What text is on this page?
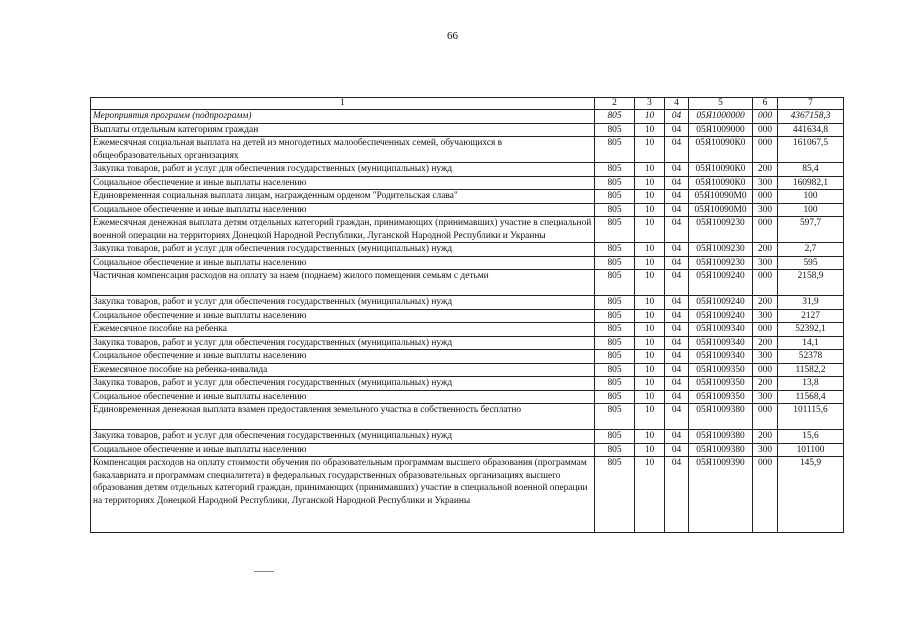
66
1	2	3	4	5	6	7
Мероприятия программ (подпрограмм)	805	10	04	05Я1000000	000	4367158,3
Выплаты отдельным категориям граждан	805	10	04	05Я1009000	000	441634,8
Ежемесячная социальная выплата на детей из многодетных малообеспеченных семей, обучающихся в общеобразовательных организациях	805	10	04	05Я10090К0	000	161067,5
Закупка товаров, работ и услуг для обеспечения государственных (муниципальных) нужд	805	10	04	05Я10090К0	200	85,4
Социальное обеспечение и иные выплаты населению	805	10	04	05Я10090К0	300	160982,1
Единовременная социальная выплата лицам, награжденным орденом "Родительская слава"	805	10	04	05Я10090М0	000	100
Социальное обеспечение и иные выплаты населению	805	10	04	05Я10090М0	300	100
Ежемесячная денежная выплата детям отдельных категорий граждан, принимающих (принимавших) участие в специальной военной операции на территориях Донецкой Народной Республики, Луганской Народной Республики и Украины	805	10	04	05Я1009230	000	597,7
Закупка товаров, работ и услуг для обеспечения государственных (муниципальных) нужд	805	10	04	05Я1009230	200	2,7
Социальное обеспечение и иные выплаты населению	805	10	04	05Я1009230	300	595
Частичная компенсация расходов на оплату за наем (поднаем) жилого помещения семьям с детьми	805	10	04	05Я1009240	000	2158,9
Закупка товаров, работ и услуг для обеспечения государственных (муниципальных) нужд	805	10	04	05Я1009240	200	31,9
Социальное обеспечение и иные выплаты населению	805	10	04	05Я1009240	300	2127
Ежемесячное пособие на ребенка	805	10	04	05Я1009340	000	52392,1
Закупка товаров, работ и услуг для обеспечения государственных (муниципальных) нужд	805	10	04	05Я1009340	200	14,1
Социальное обеспечение и иные выплаты населению	805	10	04	05Я1009340	300	52378
Ежемесячное пособие на ребенка-инвалида	805	10	04	05Я1009350	000	11582,2
Закупка товаров, работ и услуг для обеспечения государственных (муниципальных) нужд	805	10	04	05Я1009350	200	13,8
Социальное обеспечение и иные выплаты населению	805	10	04	05Я1009350	300	11568,4
Единовременная денежная выплата взамен предоставления земельного участка в собственность бесплатно	805	10	04	05Я1009380	000	101115,6
Закупка товаров, работ и услуг для обеспечения государственных (муниципальных) нужд	805	10	04	05Я1009380	200	15,6
Социальное обеспечение и иные выплаты населению	805	10	04	05Я1009380	300	101100
Компенсация расходов на оплату стоимости обучения по образовательным программам высшего образования (программам бакалавриата и программам специалитета) в федеральных государственных образовательных организациях высшего образования детям отдельных категорий граждан, принимающих (принимавших) участие в специальной военной операции на территориях Донецкой Народной Республики, Луганской Народной Республики и Украины	805	10	04	05Я1009390	000	145,9
